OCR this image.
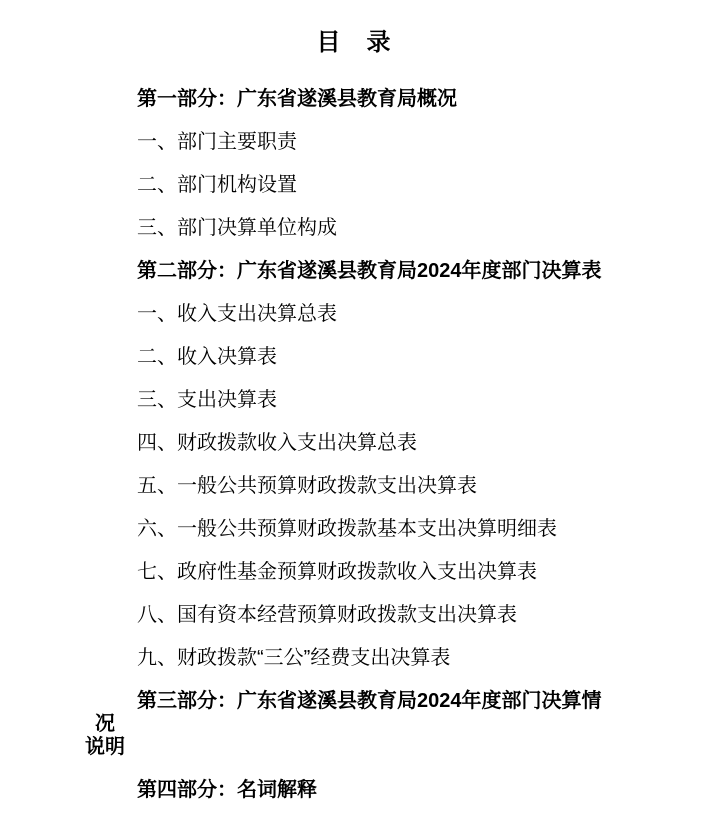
目　录

第一部分：广东省遂溪县教育局概况

一、部门主要职责

二、部门机构设置

三、部门决算单位构成

第二部分：广东省遂溪县教育局2024年度部门决算表

一、收入支出决算总表

二、收入决算表

三、支出决算表

四、财政拨款收入支出决算总表

五、一般公共预算财政拨款支出决算表

六、一般公共预算财政拨款基本支出决算明细表

七、政府性基金预算财政拨款收入支出决算表

八、国有资本经营预算财政拨款支出决算表

九、财政拨款“三公”经费支出决算表

第三部分：广东省遂溪县教育局2024年度部门决算情况
说明

第四部分：名词解释
